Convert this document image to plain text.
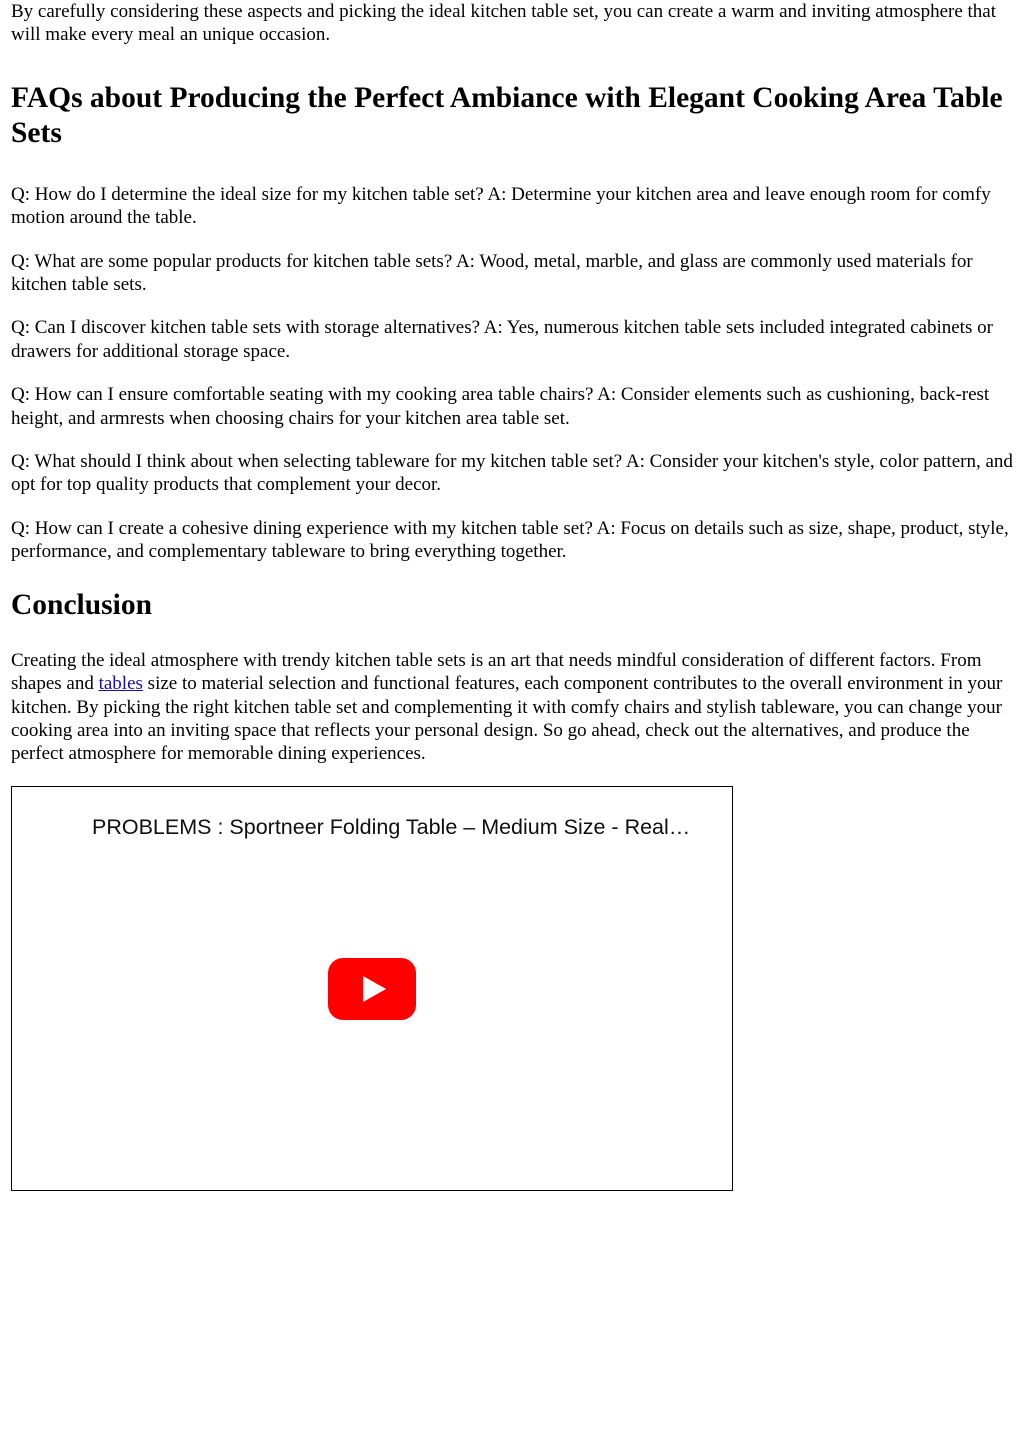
By carefully considering these aspects and picking the ideal kitchen table set, you can create a warm and inviting atmosphere that will make every meal an unique occasion.

FAQs about Producing the Perfect Ambiance with Elegant Cooking Area Table Sets

Q: How do I determine the ideal size for my kitchen table set? A: Determine your kitchen area and leave enough room for comfy motion around the table.

Q: What are some popular products for kitchen table sets? A: Wood, metal, marble, and glass are commonly used materials for kitchen table sets.

Q: Can I discover kitchen table sets with storage alternatives? A: Yes, numerous kitchen table sets included integrated cabinets or drawers for additional storage space.

Q: How can I ensure comfortable seating with my cooking area table chairs? A: Consider elements such as cushioning, back-rest height, and armrests when choosing chairs for your kitchen area table set.

Q: What should I think about when selecting tableware for my kitchen table set? A: Consider your kitchen's style, color pattern, and opt for top quality products that complement your decor.

Q: How can I create a cohesive dining experience with my kitchen table set? A: Focus on details such as size, shape, product, style, performance, and complementary tableware to bring everything together.

Conclusion

Creating the ideal atmosphere with trendy kitchen table sets is an art that needs mindful consideration of different factors. From shapes and tables size to material selection and functional features, each component contributes to the overall environment in your kitchen. By picking the right kitchen table set and complementing it with comfy chairs and stylish tableware, you can change your cooking area into an inviting space that reflects your personal design. So go ahead, check out the alternatives, and produce the perfect atmosphere for memorable dining experiences.

PROBLEMS : Sportneer Folding Table – Medium Size - Real…
